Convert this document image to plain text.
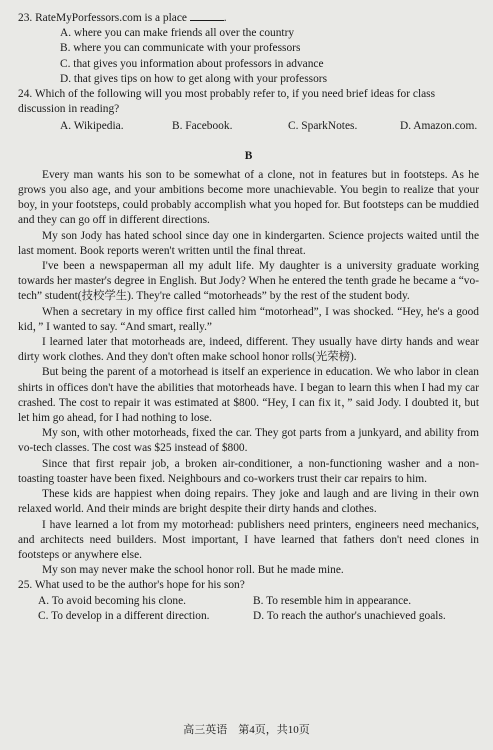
23. RateMyPorfessors.com is a place	.

A. where you can make friends all over the country

B. where you can communicate with your professors

C. that gives you information about professors in advance

D. that gives tips on how to get along with your professors

24. Which of the following will you most probably refer to, if you need brief ideas for class

discussion in reading?

A. Wikipedia.	B. Facebook.	C. SparkNotes.	D. Amazon.com.

B

Every man wants his son to be somewhat of a clone, not in features but in footsteps. As he grows you also age, and your ambitions become more unachievable. You begin to realize that your boy, in your footsteps, could probably accomplish what you hoped for. But footsteps can be muddied and they can go off in different directions.

My son Jody has hated school since day one in kindergarten. Science projects waited until the last moment. Book reports weren't written until the final threat.

I've been a newspaperman all my adult life. My daughter is a university graduate working towards her master's degree in English. But Jody? When he entered the tenth grade he became a “vo-tech” student(技校学生). They're called “motorheads” by the rest of the student body.

When a secretary in my office first called him “motorhead”, I was shocked. “Hey, he's a good kid，” I wanted to say. “And smart, really.”

I learned later that motorheads are, indeed, different. They usually have dirty hands and wear dirty work clothes. And they don't often make school honor rolls(光荣榜).

But being the parent of a motorhead is itself an experience in education. We who labor in clean shirts in offices don't have the abilities that motorheads have. I began to learn this when I had my car crashed. The cost to repair it was estimated at $800. “Hey, I can fix it，” said Jody. I doubted it, but let him go ahead, for I had nothing to lose.

My son, with other motorheads, fixed the car. They got parts from a junkyard, and ability from vo-tech classes. The cost was $25 instead of $800.

Since that first repair job, a broken air-conditioner, a non-functioning washer and a non-toasting toaster have been fixed. Neighbours and co-workers trust their car repairs to him.

These kids are happiest when doing repairs. They joke and laugh and are living in their own relaxed world. And their minds are bright despite their dirty hands and clothes.

I have learned a lot from my motorhead: publishers need printers, engineers need mechanics, and architects need builders. Most important, I have learned that fathers don't need clones in footsteps or anywhere else.

My son may never make the school honor roll. But he made mine.

25. What used to be the author's hope for his son?

A. To avoid becoming his clone.	B. To resemble him in appearance.
C. To develop in a different direction.	D. To reach the author's unachieved goals.
高三英语　第4页，共10页
